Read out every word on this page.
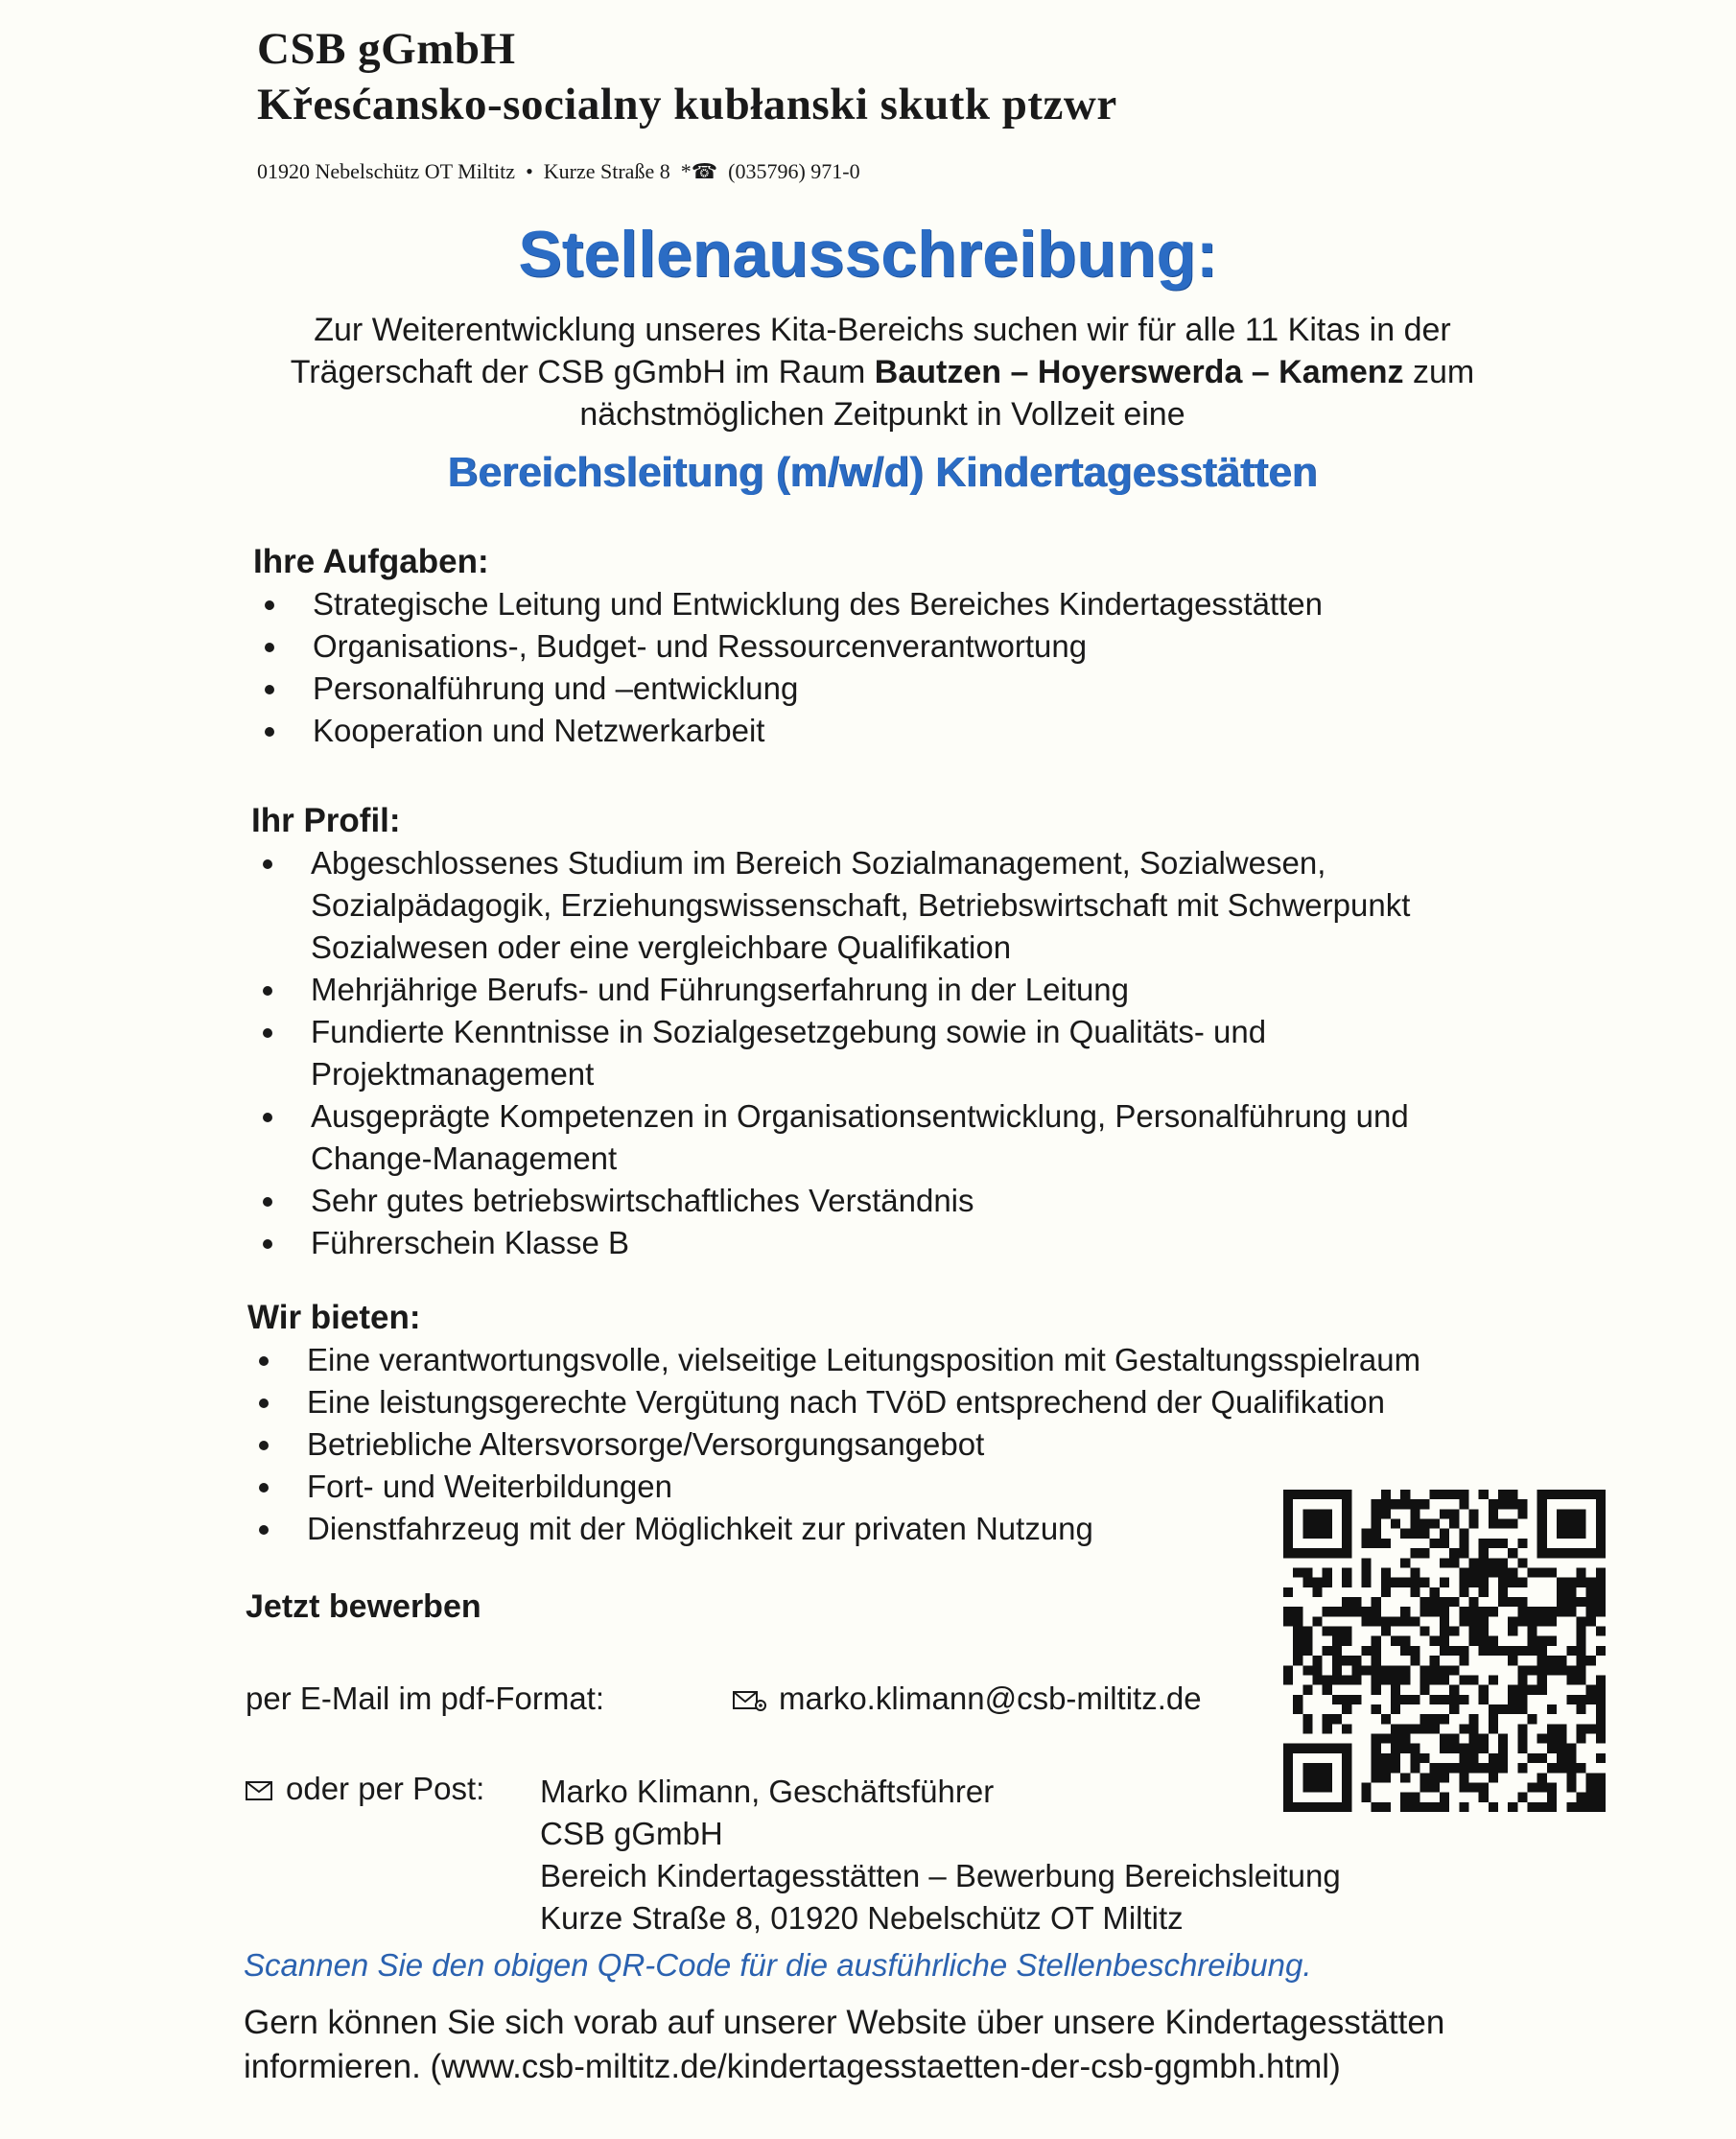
CSB gGmbH
Křesćansko-socialny kubłanski skutk ptzwr
01920 Nebelschütz OT Miltitz  •  Kurze Straße 8  *☎  (035796) 971-0
Stellenausschreibung:
Zur Weiterentwicklung unseres Kita-Bereichs suchen wir für alle 11 Kitas in der Trägerschaft der CSB gGmbH im Raum Bautzen – Hoyerswerda – Kamenz zum nächstmöglichen Zeitpunkt in Vollzeit eine
Bereichsleitung (m/w/d) Kindertagesstätten
Ihre Aufgaben:
Strategische Leitung und Entwicklung des Bereiches Kindertagesstätten
Organisations-, Budget- und Ressourcenverantwortung
Personalführung und –entwicklung
Kooperation und Netzwerkarbeit
Ihr Profil:
Abgeschlossenes Studium im Bereich Sozialmanagement, Sozialwesen, Sozialpädagogik, Erziehungswissenschaft, Betriebswirtschaft mit Schwerpunkt Sozialwesen oder eine vergleichbare Qualifikation
Mehrjährige Berufs- und Führungserfahrung in der Leitung
Fundierte Kenntnisse in Sozialgesetzgebung sowie in Qualitäts- und Projektmanagement
Ausgeprägte Kompetenzen in Organisationsentwicklung, Personalführung und Change-Management
Sehr gutes betriebswirtschaftliches Verständnis
Führerschein Klasse B
Wir bieten:
Eine verantwortungsvolle, vielseitige Leitungsposition mit Gestaltungsspielraum
Eine leistungsgerechte Vergütung nach TVöD entsprechend der Qualifikation
Betriebliche Altersvorsorge/Versorgungsangebot
Fort- und Weiterbildungen
Dienstfahrzeug mit der Möglichkeit zur privaten Nutzung
Jetzt bewerben
per E-Mail im pdf-Format:	marko.klimann@csb-miltitz.de
oder per Post: Marko Klimann, Geschäftsführer
CSB gGmbH
Bereich Kindertagesstätten – Bewerbung Bereichsleitung
Kurze Straße 8, 01920 Nebelschütz OT Miltitz
Scannen Sie den obigen QR-Code für die ausführliche Stellenbeschreibung.
Gern können Sie sich vorab auf unserer Website über unsere Kindertagesstätten informieren. (www.csb-miltitz.de/kindertagesstaetten-der-csb-ggmbh.html)
